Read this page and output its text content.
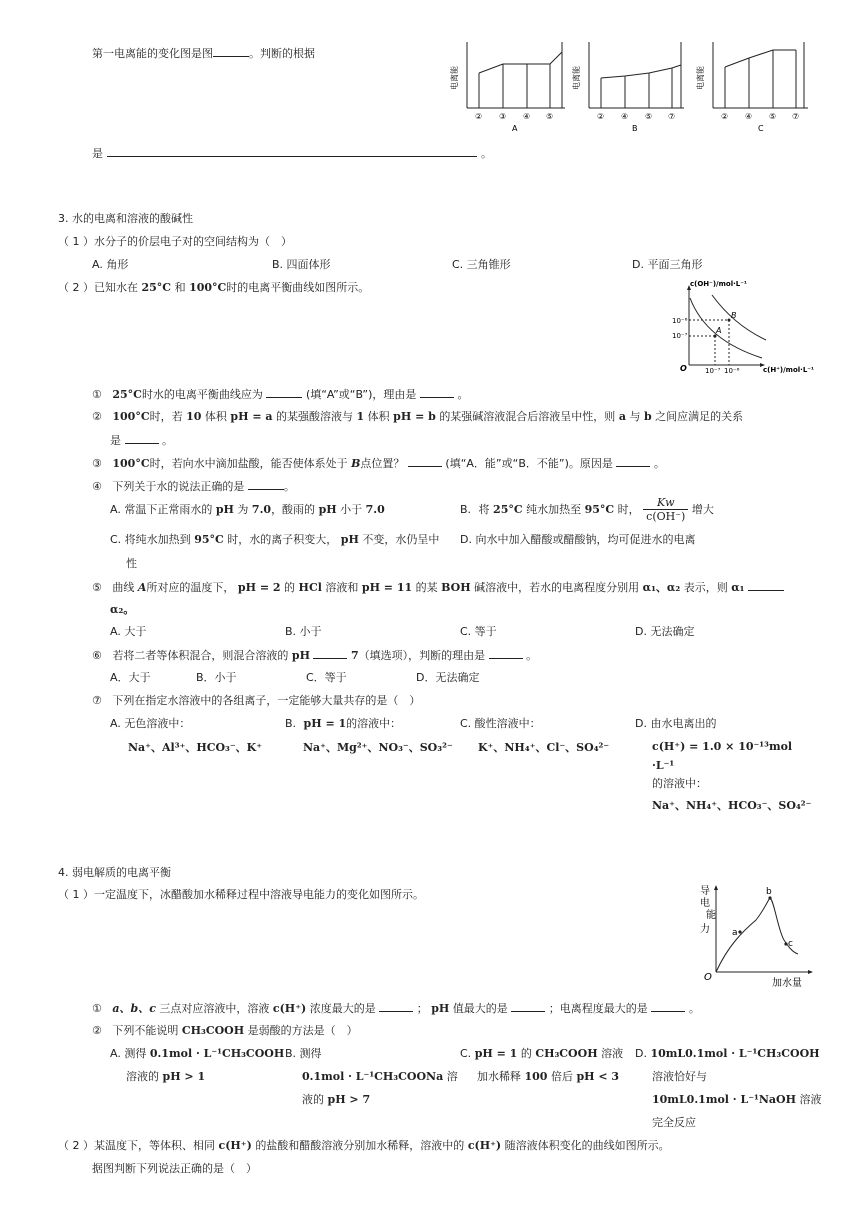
第一电离能的变化图是图	。判断的根据
电离能
② ③ ④ ⑤
A
电离能
② ④ ⑤ ⑦
B
电离能
② ④ ⑤ ⑦
C
是	。
3. 水的电离和溶液的酸碱性
（ 1 ）水分子的价层电子对的空间结构为（　）
A. 角形	B. 四面体形	C. 三角锥形	D. 平面三角形
（ 2 ）已知水在 25°C 和 100°C时的电离平衡曲线如图所示。	c(OH⁻)/mol·L⁻¹
c(H⁺)/mol·L⁻¹
O
10⁻⁶
10⁻⁷
10⁻⁷ 10⁻⁶
A
B
① 25°C时水的电离平衡曲线应为	(填“A”或“B”)，理由是	。
② 100°C时，若 10 体积 pH = a 的某强酸溶液与 1 体积 pH = b 的某强碱溶液混合后溶液呈中性，则 a 与 b 之间应满足的关系
是	。
③ 100°C时，若向水中滴加盐酸，能否使体系处于 B点位置？	(填“A．能”或“B．不能”)。原因是	。
④ 下列关于水的说法正确的是	。
A. 常温下正常雨水的 pH 为 7.0，酸雨的 pH 小于 7.0	B. 将 25°C 纯水加热至 95°C 时， $\frac{Kw}{c(OH^-)}$ 增大
C. 将纯水加热到 95°C 时，水的离子积变大， pH 不变，水仍呈中
性
D. 向水中加入醋酸或醋酸钠，均可促进水的电离
⑤ 曲线 A所对应的温度下， pH = 2 的 HCl 溶液和 pH = 11 的某 BOH 碱溶液中，若水的电离程度分别用 α₁、α₂ 表示，则 α₁
α₂。
A. 大于	B. 小于	C. 等于	D. 无法确定
⑥ 若将二者等体积混合，则混合溶液的 pH	7（填选项），判断的理由是	。
A．大于	B．小于	C．等于	D．无法确定
⑦ 下列在指定水溶液中的各组离子，一定能够大量共存的是（　）
A. 无色溶液中：
Na⁺、Al³⁺、HCO₃⁻、K⁺
B. pH = 1的溶液中：
Na⁺、Mg²⁺、NO₃⁻、SO₃²⁻
C. 酸性溶液中：
K⁺、NH₄⁺、Cl⁻、SO₄²⁻
D. 由水电离出的
c(H⁺) = 1.0 × 10⁻¹³mol
·L⁻¹
的溶液中：
Na⁺、NH₄⁺、HCO₃⁻、SO₄²⁻
4. 弱电解质的电离平衡
（ 1 ）一定温度下，冰醋酸加水稀释过程中溶液导电能力的变化如图所示。	导
电
能
力 a
b
c
O
加水量
① a、b、c 三点对应溶液中，溶液 c(H⁺) 浓度最大的是	； pH 值最大的是	；电离程度最大的是	。
② 下列不能说明 CH₃COOH 是弱酸的方法是（　）
A. 测得 0.1mol · L⁻¹CH₃COOH
溶液的 pH > 1
B. 测得
0.1mol · L⁻¹CH₃COONa 溶
液的 pH > 7
C. pH = 1 的 CH₃COOH 溶液
加水稀释 100 倍后 pH < 3
D. 10mL0.1mol · L⁻¹CH₃COOH
溶液恰好与
10mL0.1mol · L⁻¹NaOH 溶液
完全反应
（ 2 ）某温度下，等体积、相同 c(H⁺) 的盐酸和醋酸溶液分别加水稀释，溶液中的 c(H⁺) 随溶液体积变化的曲线如图所示。
据图判断下列说法正确的是（　）
